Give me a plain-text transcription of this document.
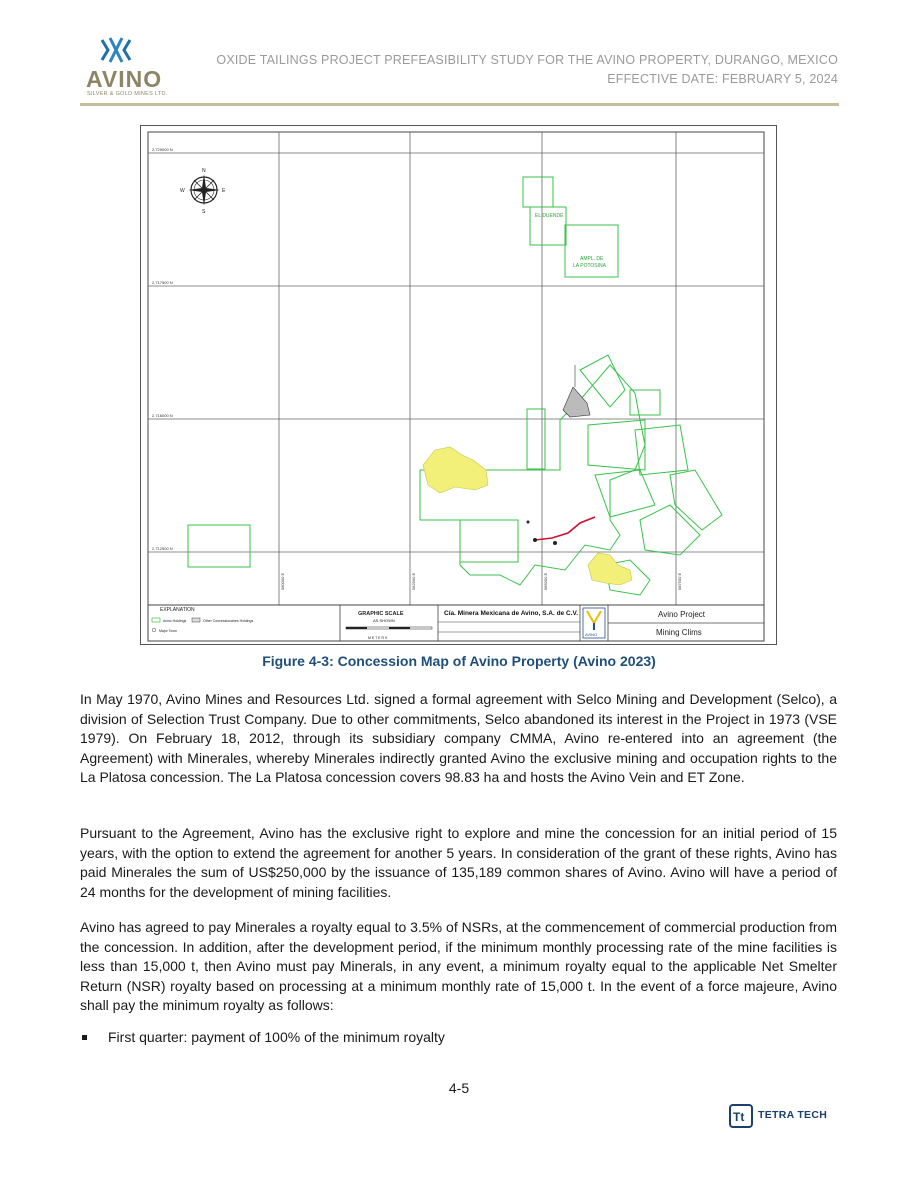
AVINO
SILVER & GOLD MINES LTD.
OXIDE TAILINGS PROJECT PREFEASIBILITY STUDY FOR THE AVINO PROPERTY, DURANGO, MEXICO
EFFECTIVE DATE: FEBRUARY 5, 2024
2,729000 N
2,717500 N
2,716000 N
2,712500 N
580000 E	582500 E	585000 E	587500 E
N
S
W	E
EL DUENDE
AMPL. DE
LA POTOSINA
EXPLANATION
Avino Holdings	Other Concessionaires Holdings
Major Town
GRAPHIC SCALE
AS SHOWN
M E T E R S
Cía. Minera Mexicana de Avino, S.A. de C.V.
AVINO
Avino Project
Mining Clims
Figure 4-3: Concession Map of Avino Property (Avino 2023)
In May 1970, Avino Mines and Resources Ltd. signed a formal agreement with Selco Mining and Development (Selco), a division of Selection Trust Company. Due to other commitments, Selco abandoned its interest in the Project in 1973 (VSE 1979). On February 18, 2012, through its subsidiary company CMMA, Avino re-entered into an agreement (the Agreement) with Minerales, whereby Minerales indirectly granted Avino the exclusive mining and occupation rights to the La Platosa concession. The La Platosa concession covers 98.83 ha and hosts the Avino Vein and ET Zone.
Pursuant to the Agreement, Avino has the exclusive right to explore and mine the concession for an initial period of 15 years, with the option to extend the agreement for another 5 years. In consideration of the grant of these rights, Avino has paid Minerales the sum of US$250,000 by the issuance of 135,189 common shares of Avino. Avino will have a period of 24 months for the development of mining facilities.
Avino has agreed to pay Minerales a royalty equal to 3.5% of NSRs, at the commencement of commercial production from the concession. In addition, after the development period, if the minimum monthly processing rate of the mine facilities is less than 15,000 t, then Avino must pay Minerals, in any event, a minimum royalty equal to the applicable Net Smelter Return (NSR) royalty based on processing at a minimum monthly rate of 15,000 t. In the event of a force majeure, Avino shall pay the minimum royalty as follows:
First quarter: payment of 100% of the minimum royalty
4-5
Tt TETRA TECH
